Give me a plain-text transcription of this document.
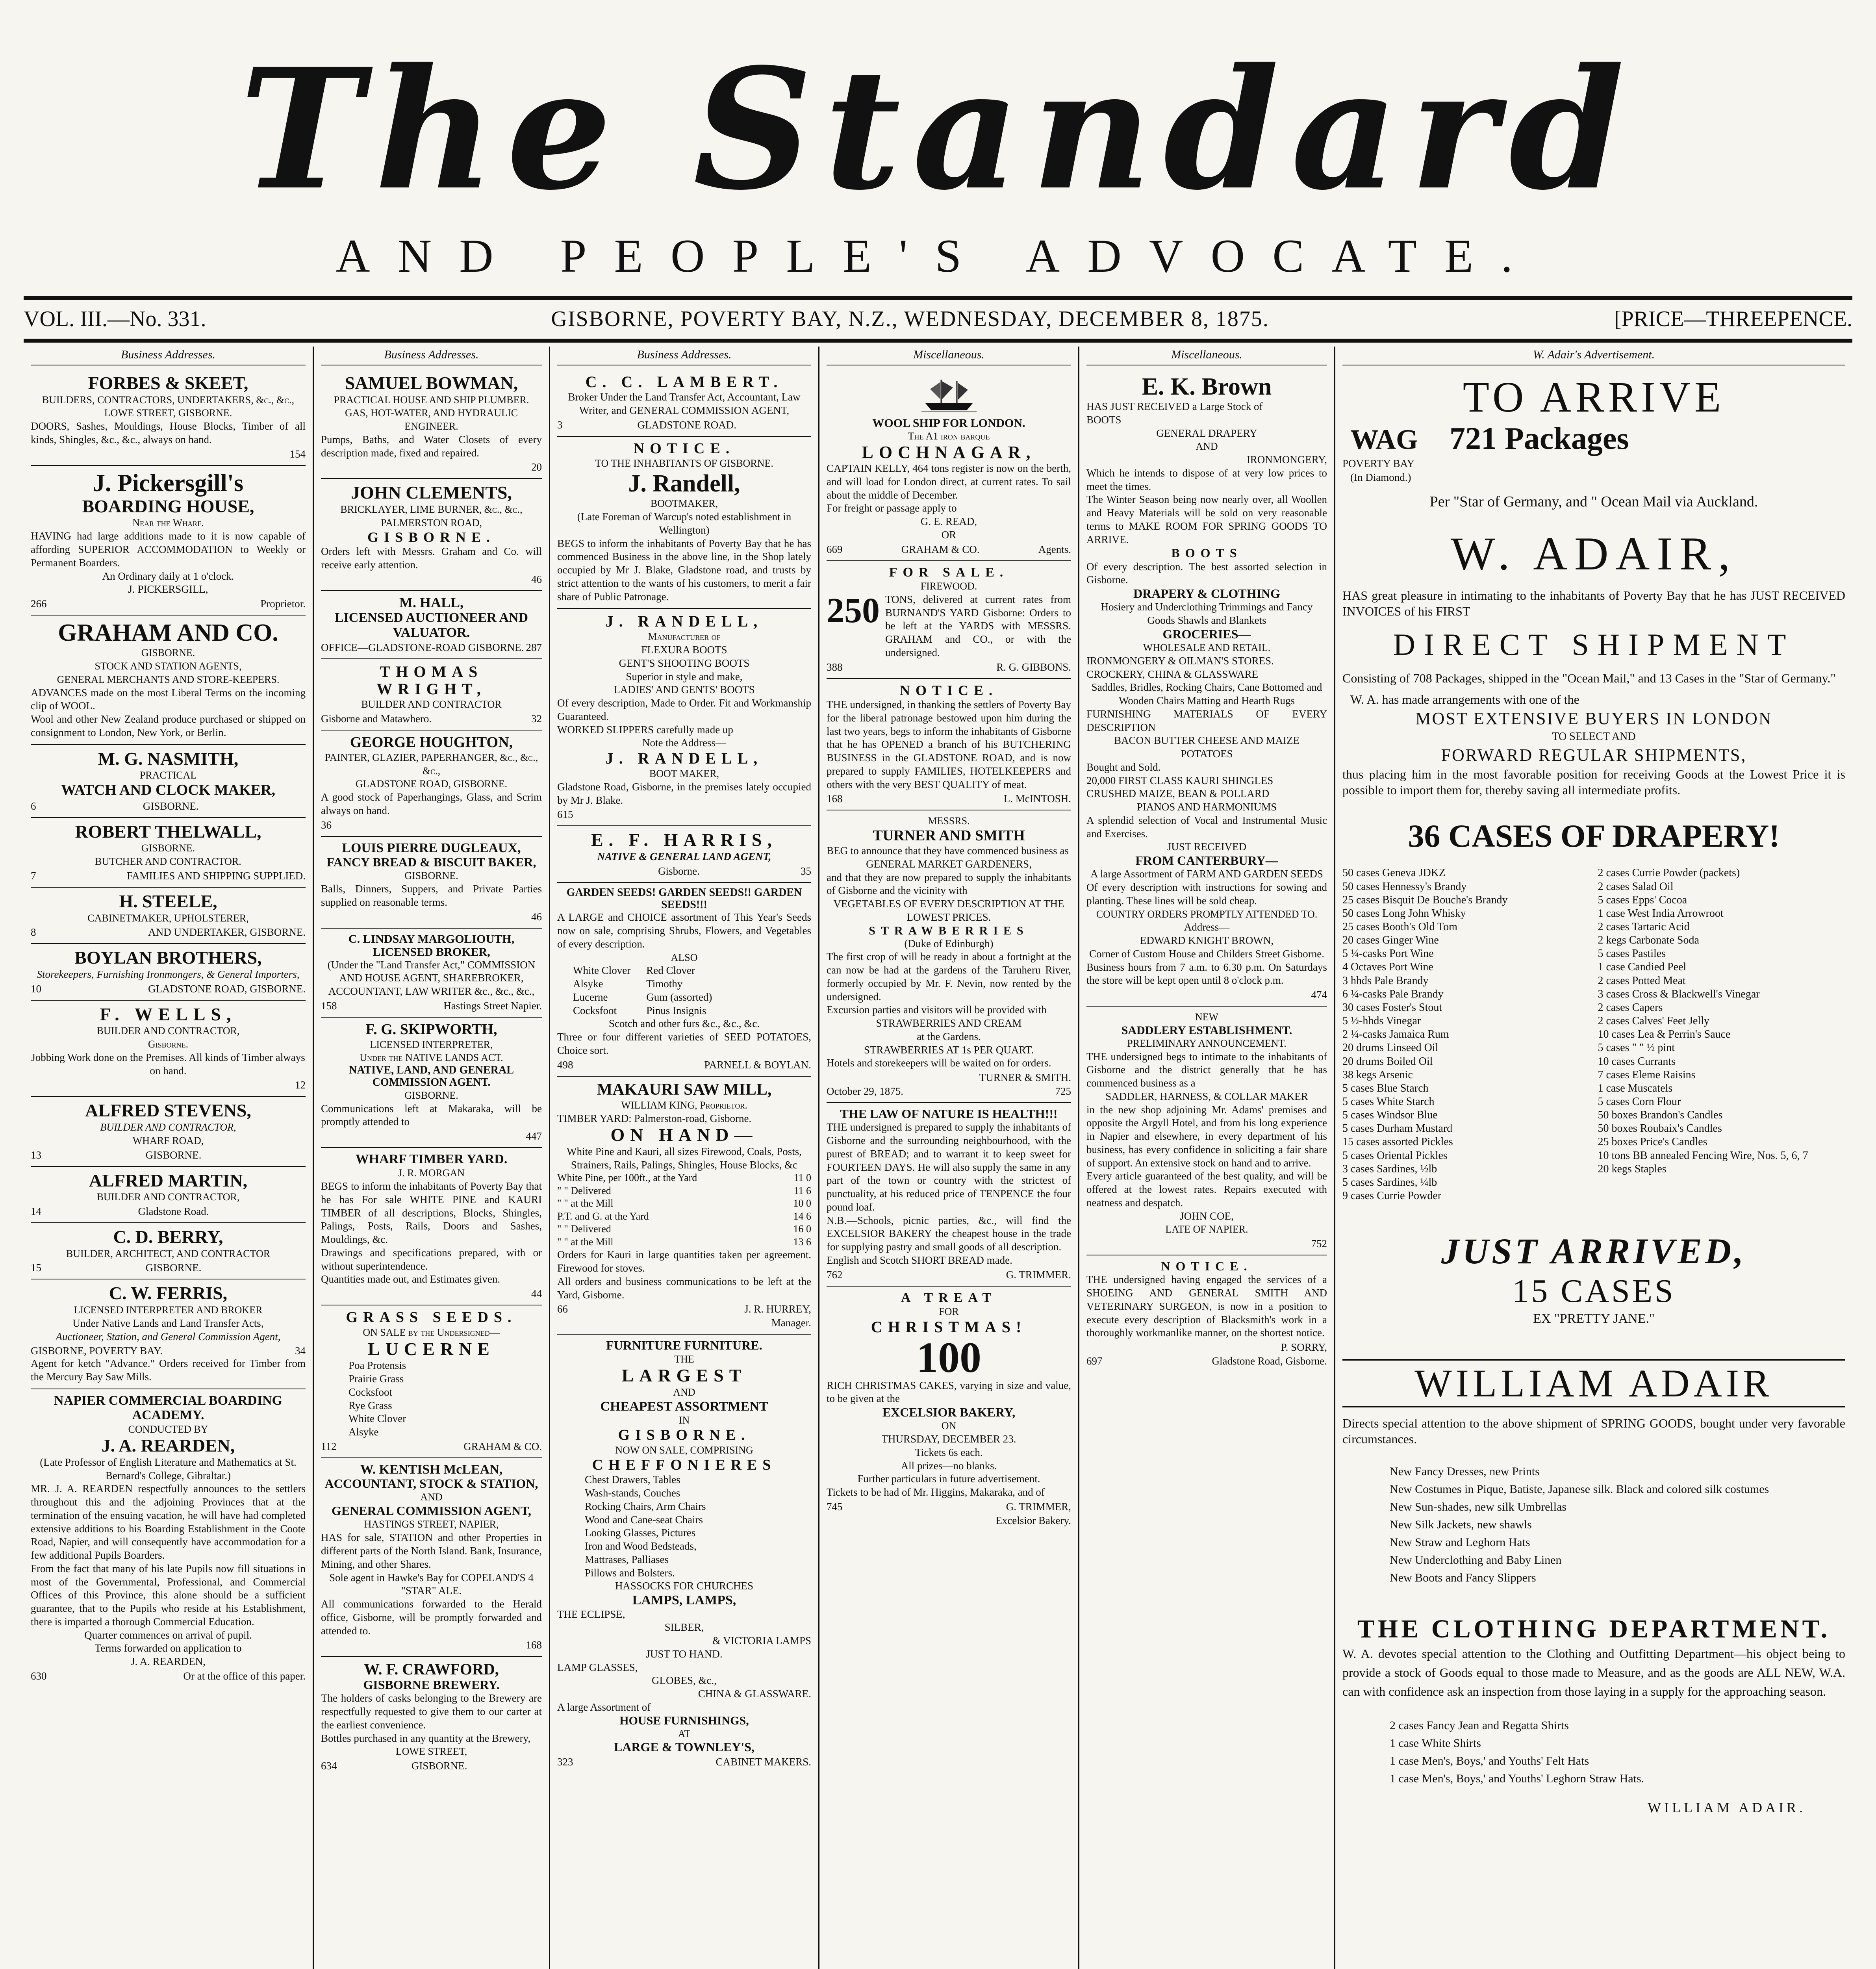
The Standard
AND PEOPLE'S ADVOCATE.
VOL. III.—No. 331.	GISBORNE, POVERTY BAY, N.Z., WEDNESDAY, DECEMBER 8, 1875.	[PRICE—THREEPENCE.
Business Addresses.
FORBES & SKEET,
BUILDERS, CONTRACTORS, UNDERTAKERS, &c., &c.,
LOWE STREET, GISBORNE.
DOORS, Sashes, Mouldings, House Blocks, Timber of all kinds, Shingles, &c., &c., always on hand.
154
J. Pickersgill's
BOARDING HOUSE,
Near the Wharf.
HAVING had large additions made to it is now capable of affording SUPERIOR ACCOMMODATION to Weekly or Permanent Boarders.
An Ordinary daily at 1 o'clock.
J. PICKERSGILL,
266	Proprietor.
GRAHAM AND CO.
GISBORNE.
STOCK AND STATION AGENTS,
GENERAL MERCHANTS AND STORE-KEEPERS.
ADVANCES made on the most Liberal Terms on the incoming clip of WOOL.
Wool and other New Zealand produce purchased or shipped on consignment to London, New York, or Berlin.
M. G. NASMITH,
PRACTICAL
WATCH AND CLOCK MAKER,
6	GISBORNE.
ROBERT THELWALL,
GISBORNE.
BUTCHER AND CONTRACTOR.
7	FAMILIES AND SHIPPING SUPPLIED.
H. STEELE,
CABINETMAKER, UPHOLSTERER,
8	AND UNDERTAKER, GISBORNE.
BOYLAN BROTHERS,
Storekeepers, Furnishing Ironmongers, & General Importers,
10	GLADSTONE ROAD, GISBORNE.
F. WELLS,
BUILDER AND CONTRACTOR,
Gisborne.
Jobbing Work done on the Premises. All kinds of Timber always on hand.
12
ALFRED STEVENS,
BUILDER AND CONTRACTOR,
WHARF ROAD,
13	GISBORNE.
ALFRED MARTIN,
BUILDER AND CONTRACTOR,
14	Gladstone Road.
C. D. BERRY,
BUILDER, ARCHITECT, AND CONTRACTOR
15	GISBORNE.
C. W. FERRIS,
LICENSED INTERPRETER AND BROKER
Under Native Lands and Land Transfer Acts,
Auctioneer, Station, and General Commission Agent,
GISBORNE, POVERTY BAY.	34
Agent for ketch "Advance." Orders received for Timber from the Mercury Bay Saw Mills.
NAPIER COMMERCIAL BOARDING ACADEMY.
CONDUCTED BY
J. A. REARDEN,
(Late Professor of English Literature and Mathematics at St. Bernard's College, Gibraltar.)
MR. J. A. REARDEN respectfully announces to the settlers throughout this and the adjoining Provinces that at the termination of the ensuing vacation, he will have had completed extensive additions to his Boarding Establishment in the Coote Road, Napier, and will consequently have accommodation for a few additional Pupils Boarders.
From the fact that many of his late Pupils now fill situations in most of the Governmental, Professional, and Commercial Offices of this Province, this alone should be a sufficient guarantee, that to the Pupils who reside at his Establishment, there is imparted a thorough Commercial Education.
Quarter commences on arrival of pupil.
Terms forwarded on application to
J. A. REARDEN,
630	Or at the office of this paper.
Business Addresses.
SAMUEL BOWMAN,
PRACTICAL HOUSE AND SHIP PLUMBER.
GAS, HOT-WATER, AND HYDRAULIC ENGINEER.
Pumps, Baths, and Water Closets of every description made, fixed and repaired.
20
JOHN CLEMENTS,
BRICKLAYER, LIME BURNER, &c., &c.,
PALMERSTON ROAD,
GISBORNE.
Orders left with Messrs. Graham and Co. will receive early attention.
46
M. HALL,
LICENSED AUCTIONEER AND VALUATOR.
OFFICE—GLADSTONE-ROAD GISBORNE. 287
THOMAS WRIGHT,
BUILDER AND CONTRACTOR
Gisborne and Matawhero.	32
GEORGE HOUGHTON,
PAINTER, GLAZIER, PAPERHANGER, &c., &c., &c.,
GLADSTONE ROAD, GISBORNE.
A good stock of Paperhangings, Glass, and Scrim always on hand.
36
LOUIS PIERRE DUGLEAUX,
FANCY BREAD & BISCUIT BAKER,
GISBORNE.
Balls, Dinners, Suppers, and Private Parties supplied on reasonable terms.
46
C. LINDSAY MARGOLIOUTH, LICENSED BROKER,
(Under the "Land Transfer Act," COMMISSION AND HOUSE AGENT, SHAREBROKER, ACCOUNTANT, LAW WRITER &c., &c., &c.,
158	Hastings Street Napier.
F. G. SKIPWORTH,
LICENSED INTERPRETER,
Under the NATIVE LANDS ACT.
NATIVE, LAND, AND GENERAL COMMISSION AGENT.
GISBORNE.
Communications left at Makaraka, will be promptly attended to
447
WHARF TIMBER YARD.
J. R. MORGAN
BEGS to inform the inhabitants of Poverty Bay that he has For sale WHITE PINE and KAURI TIMBER of all descriptions, Blocks, Shingles, Palings, Posts, Rails, Doors and Sashes, Mouldings, &c.
Drawings and specifications prepared, with or without superintendence.
Quantities made out, and Estimates given.
44
GRASS SEEDS.
ON SALE by the Undersigned—
LUCERNE
Poa Protensis
Prairie Grass
Cocksfoot
Rye Grass
White Clover
Alsyke
112	GRAHAM & CO.
W. KENTISH McLEAN,
ACCOUNTANT, STOCK & STATION,
AND
GENERAL COMMISSION AGENT,
HASTINGS STREET, NAPIER,
HAS for sale, STATION and other Properties in different parts of the North Island. Bank, Insurance, Mining, and other Shares.
Sole agent in Hawke's Bay for COPELAND'S 4 "STAR" ALE.
All communications forwarded to the Herald office, Gisborne, will be promptly forwarded and attended to.
168
W. F. CRAWFORD,
GISBORNE BREWERY.
The holders of casks belonging to the Brewery are respectfully requested to give them to our carter at the earliest convenience.
Bottles purchased in any quantity at the Brewery,
LOWE STREET,
634	GISBORNE.
Business Addresses.
C. C. LAMBERT.
Broker Under the Land Transfer Act, Accountant, Law Writer, and GENERAL COMMISSION AGENT,
3	GLADSTONE ROAD.
NOTICE.
TO THE INHABITANTS OF GISBORNE.
J. Randell,
BOOTMAKER,
(Late Foreman of Warcup's noted establishment in Wellington)
BEGS to inform the inhabitants of Poverty Bay that he has commenced Business in the above line, in the Shop lately occupied by Mr J. Blake, Gladstone road, and trusts by strict attention to the wants of his customers, to merit a fair share of Public Patronage.
J. RANDELL,
Manufacturer of
FLEXURA BOOTS
GENT'S SHOOTING BOOTS
Superior in style and make,
LADIES' AND GENTS' BOOTS
Of every description, Made to Order. Fit and Workmanship Guaranteed.
WORKED SLIPPERS carefully made up
Note the Address—
J. RANDELL,
BOOT MAKER,
Gladstone Road, Gisborne, in the premises lately occupied by Mr J. Blake.
615
E. F. HARRIS,
NATIVE & GENERAL LAND AGENT,
Gisborne.	35
GARDEN SEEDS! GARDEN SEEDS!! GARDEN SEEDS!!!
A LARGE and CHOICE assortment of This Year's Seeds now on sale, comprising Shrubs, Flowers, and Vegetables of every description.
ALSO
White Clover
Alsyke
Lucerne
Cocksfoot
Red Clover
Timothy
Gum (assorted)
Pinus Insignis
Scotch and other furs &c., &c., &c.
Three or four different varieties of SEED POTATOES, Choice sort.
498	PARNELL & BOYLAN.
MAKAURI SAW MILL,
WILLIAM KING, Proprietor.
TIMBER YARD: Palmerston-road, Gisborne.
ON HAND—
White Pine and Kauri, all sizes Firewood, Coals, Posts, Strainers, Rails, Palings, Shingles, House Blocks, &c
White Pine, per 100ft., at the Yard	11 0
" " Delivered	11 6
" " at the Mill	10 0
P.T. and G. at the Yard	14 6
" " Delivered	16 0
" " at the Mill	13 6
Orders for Kauri in large quantities taken per agreement. Firewood for stoves.
All orders and business communications to be left at the Yard, Gisborne.
66	J. R. HURREY,
Manager.
FURNITURE FURNITURE.
THE
LARGEST
AND
CHEAPEST ASSORTMENT
IN
GISBORNE.
NOW ON SALE, COMPRISING
CHEFFONIERES
Chest Drawers, Tables
Wash-stands, Couches
Rocking Chairs, Arm Chairs
Wood and Cane-seat Chairs
Looking Glasses, Pictures
Iron and Wood Bedsteads,
Mattrases, Palliases
Pillows and Bolsters.
HASSOCKS FOR CHURCHES
LAMPS, LAMPS,
THE ECLIPSE,
SILBER,
& VICTORIA LAMPS
JUST TO HAND.
LAMP GLASSES,
GLOBES, &c.,
CHINA & GLASSWARE.
A large Assortment of
HOUSE FURNISHINGS,
AT
LARGE & TOWNLEY'S,
323	CABINET MAKERS.
Miscellaneous.
WOOL SHIP FOR LONDON.
The A1 iron barque
LOCHNAGAR,
CAPTAIN KELLY, 464 tons register is now on the berth, and will load for London direct, at current rates. To sail about the middle of December.
For freight or passage apply to
G. E. READ,
OR
669	GRAHAM & CO.	Agents.
FOR SALE.
FIREWOOD.
250 TONS, delivered at current rates from BURNAND'S YARD Gisborne: Orders to be left at the YARDS with MESSRS. GRAHAM and CO., or with the undersigned.
388	R. G. GIBBONS.
NOTICE.
THE undersigned, in thanking the settlers of Poverty Bay for the liberal patronage bestowed upon him during the last two years, begs to inform the inhabitants of Gisborne that he has OPENED a branch of his BUTCHERING BUSINESS in the GLADSTONE ROAD, and is now prepared to supply FAMILIES, HOTELKEEPERS and others with the very BEST QUALITY of meat.
168	L. McINTOSH.
MESSRS.
TURNER AND SMITH
BEG to announce that they have commenced business as
GENERAL MARKET GARDENERS,
and that they are now prepared to supply the inhabitants of Gisborne and the vicinity with
VEGETABLES OF EVERY DESCRIPTION AT THE LOWEST PRICES.
STRAWBERRIES
(Duke of Edinburgh)
The first crop of will be ready in about a fortnight at the can now be had at the gardens of the Taruheru River, formerly occupied by Mr. F. Nevin, now rented by the undersigned.
Excursion parties and visitors will be provided with
STRAWBERRIES AND CREAM
at the Gardens.
STRAWBERRIES AT 1s PER QUART.
Hotels and storekeepers will be waited on for orders.
TURNER & SMITH.
October 29, 1875.	725
THE LAW OF NATURE IS HEALTH!!!
THE undersigned is prepared to supply the inhabitants of Gisborne and the surrounding neighbourhood, with the purest of BREAD; and to warrant it to keep sweet for FOURTEEN DAYS. He will also supply the same in any part of the town or country with the strictest of punctuality, at his reduced price of TENPENCE the four pound loaf.
N.B.—Schools, picnic parties, &c., will find the EXCELSIOR BAKERY the cheapest house in the trade for supplying pastry and small goods of all description.
English and Scotch SHORT BREAD made.
762	G. TRIMMER.
A TREAT
FOR
CHRISTMAS!
100
RICH CHRISTMAS CAKES, varying in size and value, to be given at the
EXCELSIOR BAKERY,
ON
THURSDAY, DECEMBER 23.
Tickets 6s each.
All prizes—no blanks.
Further particulars in future advertisement.
Tickets to be had of Mr. Higgins, Makaraka, and of
745	G. TRIMMER,
Excelsior Bakery.
Miscellaneous.
E. K. Brown
HAS JUST RECEIVED a Large Stock of
BOOTS
GENERAL DRAPERY
AND
IRONMONGERY,
Which he intends to dispose of at very low prices to meet the times.
The Winter Season being now nearly over, all Woollen and Heavy Materials will be sold on very reasonable terms to MAKE ROOM FOR SPRING GOODS TO ARRIVE.
BOOTS
Of every description. The best assorted selection in Gisborne.
DRAPERY & CLOTHING
Hosiery and Underclothing Trimmings and Fancy Goods Shawls and Blankets
GROCERIES—
WHOLESALE AND RETAIL.
IRONMONGERY & OILMAN'S STORES.
CROCKERY, CHINA & GLASSWARE
Saddles, Bridles, Rocking Chairs, Cane Bottomed and Wooden Chairs Matting and Hearth Rugs
FURNISHING MATERIALS OF EVERY DESCRIPTION
BACON BUTTER CHEESE AND MAIZE
POTATOES
Bought and Sold.
20,000 FIRST CLASS KAURI SHINGLES
CRUSHED MAIZE, BEAN & POLLARD
PIANOS AND HARMONIUMS
A splendid selection of Vocal and Instrumental Music and Exercises.
JUST RECEIVED
FROM CANTERBURY—
A large Assortment of FARM AND GARDEN SEEDS
Of every description with instructions for sowing and planting. These lines will be sold cheap.
COUNTRY ORDERS PROMPTLY ATTENDED TO.
Address—
EDWARD KNIGHT BROWN,
Corner of Custom House and Childers Street Gisborne.
Business hours from 7 a.m. to 6.30 p.m. On Saturdays the store will be kept open until 8 o'clock p.m.
474
NEW
SADDLERY ESTABLISHMENT.
PRELIMINARY ANNOUNCEMENT.
THE undersigned begs to intimate to the inhabitants of Gisborne and the district generally that he has commenced business as a
SADDLER, HARNESS, & COLLAR MAKER
in the new shop adjoining Mr. Adams' premises and opposite the Argyll Hotel, and from his long experience in Napier and elsewhere, in every department of his business, has every confidence in soliciting a fair share of support. An extensive stock on hand and to arrive.
Every article guaranteed of the best quality, and will be offered at the lowest rates. Repairs executed with neatness and despatch.
JOHN COE,
LATE OF NAPIER.
752
NOTICE.
THE undersigned having engaged the services of a SHOEING AND GENERAL SMITH AND VETERINARY SURGEON, is now in a position to execute every description of Blacksmith's work in a thoroughly workmanlike manner, on the shortest notice.
P. SORRY,
697	Gladstone Road, Gisborne.
W. Adair's Advertisement.
TO ARRIVE
WAG 721 Packages
POVERTY BAY
(In Diamond.)
Per "Star of Germany, and " Ocean Mail via Auckland.
W. ADAIR,
HAS great pleasure in intimating to the inhabitants of Poverty Bay that he has JUST RECEIVED INVOICES of his FIRST
DIRECT SHIPMENT
Consisting of 708 Packages, shipped in the "Ocean Mail," and 13 Cases in the "Star of Germany."
W. A. has made arrangements with one of the
MOST EXTENSIVE BUYERS IN LONDON
TO SELECT AND
FORWARD REGULAR SHIPMENTS,
thus placing him in the most favorable position for receiving Goods at the Lowest Price it is possible to import them for, thereby saving all intermediate profits.
36 CASES OF DRAPERY!
50 cases Geneva JDKZ
50 cases Hennessy's Brandy
25 cases Bisquit De Bouche's Brandy
50 cases Long John Whisky
25 cases Booth's Old Tom
20 cases Ginger Wine
5 ¼-casks Port Wine
4 Octaves Port Wine
3 hhds Pale Brandy
6 ¼-casks Pale Brandy
30 cases Foster's Stout
5 ½-hhds Vinegar
2 ¼-casks Jamaica Rum
20 drums Linseed Oil
20 drums Boiled Oil
38 kegs Arsenic
5 cases Blue Starch
5 cases White Starch
5 cases Windsor Blue
5 cases Durham Mustard
15 cases assorted Pickles
5 cases Oriental Pickles
3 cases Sardines, ½lb
5 cases Sardines, ¼lb
9 cases Currie Powder
2 cases Currie Powder (packets)
2 cases Salad Oil
5 cases Epps' Cocoa
1 case West India Arrowroot
2 cases Tartaric Acid
2 kegs Carbonate Soda
5 cases Pastiles
1 case Candied Peel
2 cases Potted Meat
3 cases Cross & Blackwell's Vinegar
2 cases Capers
2 cases Calves' Feet Jelly
10 cases Lea & Perrin's Sauce
5 cases " " ½ pint
10 cases Currants
7 cases Eleme Raisins
1 case Muscatels
5 cases Corn Flour
50 boxes Brandon's Candles
50 boxes Roubaix's Candles
25 boxes Price's Candles
10 tons BB annealed Fencing Wire, Nos. 5, 6, 7
20 kegs Staples
JUST ARRIVED,
15 CASES
EX "PRETTY JANE."
WILLIAM ADAIR
Directs special attention to the above shipment of SPRING GOODS, bought under very favorable circumstances.
New Fancy Dresses, new Prints
New Costumes in Pique, Batiste, Japanese silk. Black and colored silk costumes
New Sun-shades, new silk Umbrellas
New Silk Jackets, new shawls
New Straw and Leghorn Hats
New Underclothing and Baby Linen
New Boots and Fancy Slippers
THE CLOTHING DEPARTMENT.
W. A. devotes special attention to the Clothing and Outfitting Department—his object being to provide a stock of Goods equal to those made to Measure, and as the goods are ALL NEW, W.A. can with confidence ask an inspection from those laying in a supply for the approaching season.
2 cases Fancy Jean and Regatta Shirts
1 case White Shirts
1 case Men's, Boys,' and Youths' Felt Hats
1 case Men's, Boys,' and Youths' Leghorn Straw Hats.
WILLIAM ADAIR.
